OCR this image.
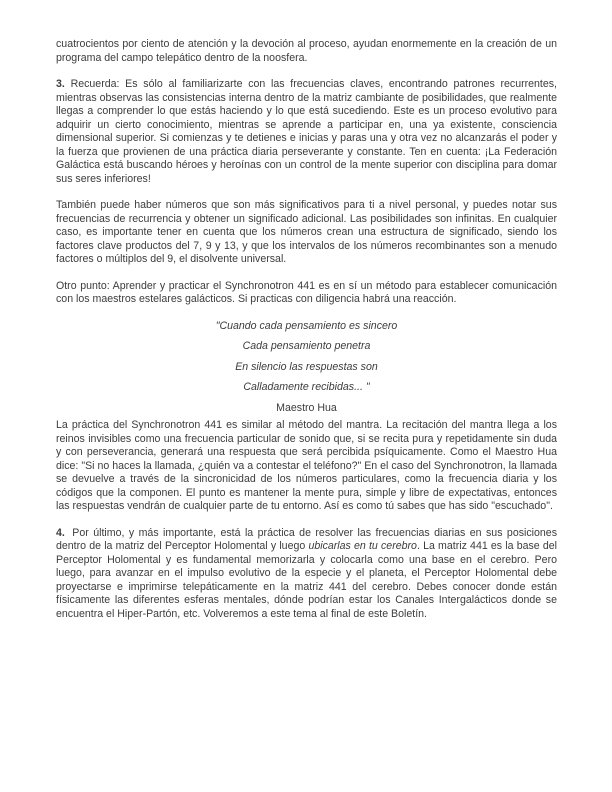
cuatrocientos por ciento de atención y la devoción al proceso, ayudan enormemente en la creación de un programa del campo telepático dentro de la noosfera.

3. Recuerda: Es sólo al familiarizarte con las frecuencias claves, encontrando patrones recurrentes, mientras observas las consistencias interna dentro de la matriz cambiante de posibilidades, que realmente llegas a comprender lo que estás haciendo y lo que está sucediendo. Este es un proceso evolutivo para adquirir un cierto conocimiento, mientras se aprende a participar en, una ya existente, consciencia dimensional superior. Si comienzas y te detienes e inicias y paras una y otra vez no alcanzarás el poder y la fuerza que provienen de una práctica diaria perseverante y constante. Ten en cuenta: ¡La Federación Galáctica está buscando héroes y heroínas con un control de la mente superior con disciplina para domar sus seres inferiores!

También puede haber números que son más significativos para ti a nivel personal, y puedes notar sus frecuencias de recurrencia y obtener un significado adicional. Las posibilidades son infinitas. En cualquier caso, es importante tener en cuenta que los números crean una estructura de significado, siendo los factores clave productos del 7, 9 y 13, y que los intervalos de los números recombinantes son a menudo factores o múltiplos del 9, el disolvente universal.

Otro punto: Aprender y practicar el Synchronotron 441 es en sí un método para establecer comunicación con los maestros estelares galácticos. Si practicas con diligencia habrá una reacción.

"Cuando cada pensamiento es sincero

Cada pensamiento penetra

En silencio las respuestas son

Calladamente recibidas... "

Maestro Hua

La práctica del Synchronotron 441 es similar al método del mantra. La recitación del mantra llega a los reinos invisibles como una frecuencia particular de sonido que, si se recita pura y repetidamente sin duda y con perseverancia, generará una respuesta que será percibida psíquicamente. Como el Maestro Hua dice: "Si no haces la llamada, ¿quién va a contestar el teléfono?" En el caso del Synchronotron, la llamada se devuelve a través de la sincronicidad de los números particulares, como la frecuencia diaria y los códigos que la componen. El punto es mantener la mente pura, simple y libre de expectativas, entonces las respuestas vendrán de cualquier parte de tu entorno. Así es como tú sabes que has sido "escuchado".

4. Por último, y más importante, está la práctica de resolver las frecuencias diarias en sus posiciones dentro de la matriz del Perceptor Holomental y luego ubicarlas en tu cerebro. La matriz 441 es la base del Perceptor Holomental y es fundamental memorizarla y colocarla como una base en el cerebro. Pero luego, para avanzar en el impulso evolutivo de la especie y el planeta, el Perceptor Holomental debe proyectarse e imprimirse telepáticamente en la matriz 441 del cerebro. Debes conocer donde están físicamente las diferentes esferas mentales, dónde podrían estar los Canales Intergalácticos donde se encuentra el Hiper-Partón, etc. Volveremos a este tema al final de este Boletín.
